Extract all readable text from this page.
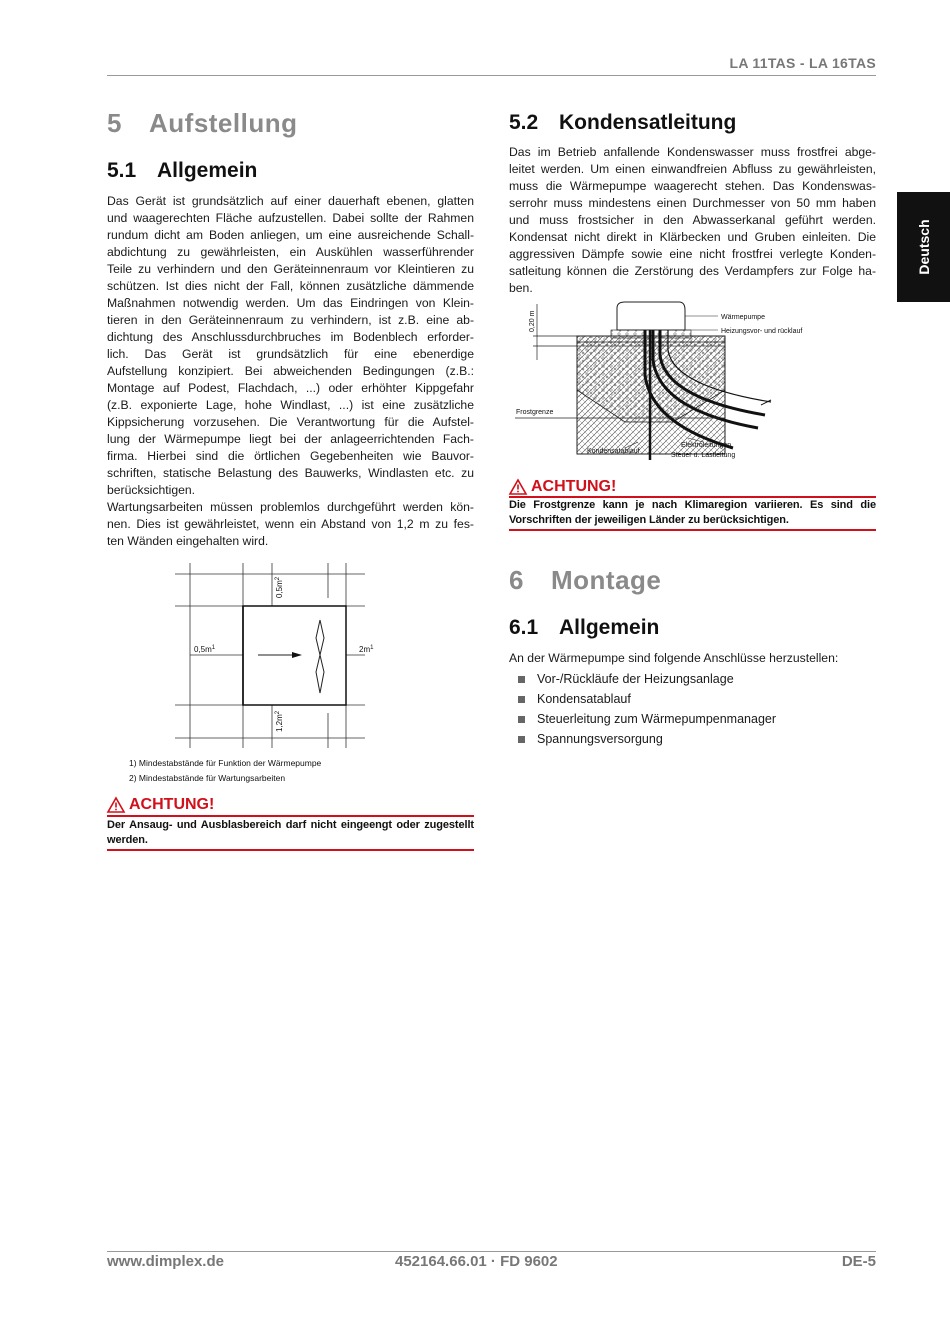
LA 11TAS - LA 16TAS
Deutsch
5 Aufstellung
5.1 Allgemein
Das Gerät ist grundsätzlich auf einer dauerhaft ebenen, glatten
und waagerechten Fläche aufzustellen. Dabei sollte der Rahmen
rundum dicht am Boden anliegen, um eine ausreichende Schall-
abdichtung zu gewährleisten, ein Auskühlen wasserführender
Teile zu verhindern und den Geräteinnenraum vor Kleintieren zu
schützen. Ist dies nicht der Fall, können zusätzliche dämmende
Maßnahmen notwendig werden. Um das Eindringen von Klein-
tieren in den Geräteinnenraum zu verhindern, ist z.B. eine ab-
dichtung des Anschlussdurchbruches im Bodenblech erforder-
lich. Das Gerät ist grundsätzlich für eine ebenerdige
Aufstellung konzipiert. Bei abweichenden Bedingungen (z.B.:
Montage auf Podest, Flachdach, ...) oder erhöhter Kippgefahr
(z.B. exponierte Lage, hohe Windlast, ...) ist eine zusätzliche
Kippsicherung vorzusehen. Die Verantwortung für die Aufstel-
lung der Wärmepumpe liegt bei der anlageerrichtenden Fach-
firma. Hierbei sind die örtlichen Gegebenheiten wie Bauvor-
schriften, statische Belastung des Bauwerks, Windlasten etc. zu
berücksichtigen.
Wartungsarbeiten müssen problemlos durchgeführt werden kön-
nen. Dies ist gewährleistet, wenn ein Abstand von 1,2 m zu fes-
ten Wänden eingehalten wird.
$0,5m^1$	$2m^1$
$0,5m^2$
$1,2m^2$
1) Mindestabstände für Funktion der Wärmepumpe
2) Mindestabstände für Wartungsarbeiten
ACHTUNG!
Der Ansaug- und Ausblasbereich darf nicht eingeengt oder zugestellt
werden.
5.2 Kondensatleitung
Das im Betrieb anfallende Kondenswasser muss frostfrei abge-
leitet werden. Um einen einwandfreien Abfluss zu gewährleisten,
muss die Wärmepumpe waagerecht stehen. Das Kondenswas-
serrohr muss mindestens einen Durchmesser von 50 mm haben
und muss frostsicher in den Abwasserkanal geführt werden.
Kondensat nicht direkt in Klärbecken und Gruben einleiten. Die
aggressiven Dämpfe sowie eine nicht frostfrei verlegte Konden-
satleitung können die Zerstörung des Verdampfers zur Folge ha-
ben.
0,20 m	Wärmepumpe
Heizungsvor- und rücklauf
Frostgrenze
Kondensatablauf
Elektroleitungen
Steuer u. Lastleitung
ACHTUNG!
Die Frostgrenze kann je nach Klimaregion variieren. Es sind die
Vorschriften der jeweiligen Länder zu berücksichtigen.
6 Montage
6.1 Allgemein
An der Wärmepumpe sind folgende Anschlüsse herzustellen:
Vor-/Rückläufe der Heizungsanlage
Kondensatablauf
Steuerleitung zum Wärmepumpenmanager
Spannungsversorgung
www.dimplex.de	452164.66.01 · FD 9602	DE-5
